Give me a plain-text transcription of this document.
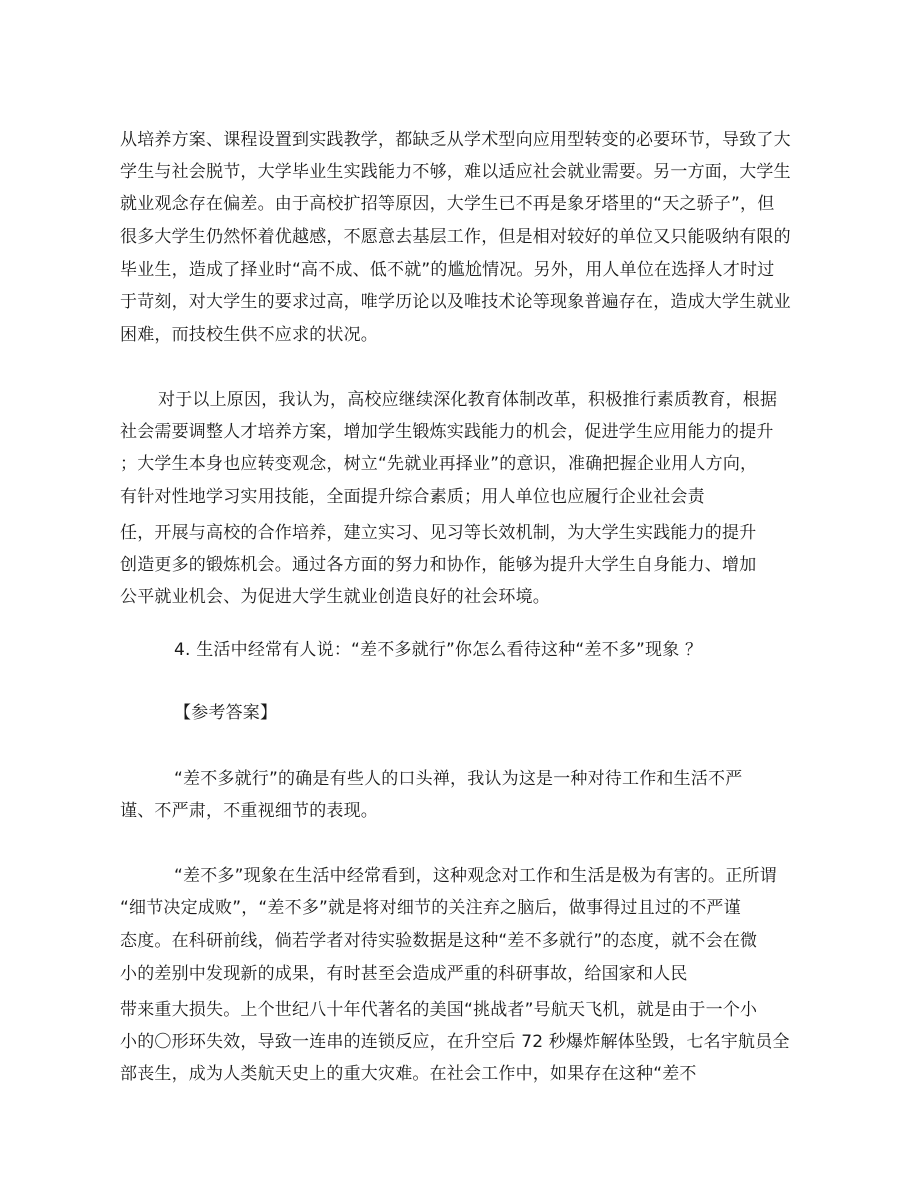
从培养方案、课程设置到实践教学，都缺乏从学术型向应用型转变的必要环节，导致了大

学生与社会脱节，大学毕业生实践能力不够，难以适应社会就业需要。另一方面，大学生

就业观念存在偏差。由于高校扩招等原因，大学生已不再是象牙塔里的“天之骄子”，但

很多大学生仍然怀着优越感，不愿意去基层工作，但是相对较好的单位又只能吸纳有限的

毕业生，造成了择业时“高不成、低不就”的尴尬情况。另外，用人单位在选择人才时过

于苛刻，对大学生的要求过高，唯学历论以及唯技术论等现象普遍存在，造成大学生就业

困难，而技校生供不应求的状况。

对于以上原因，我认为，高校应继续深化教育体制改革，积极推行素质教育，根据

社会需要调整人才培养方案，增加学生锻炼实践能力的机会，促进学生应用能力的提升

；大学生本身也应转变观念，树立“先就业再择业”的意识，准确把握企业用人方向，

有针对性地学习实用技能，全面提升综合素质；用人单位也应履行企业社会责

任，开展与高校的合作培养，建立实习、见习等长效机制，为大学生实践能力的提升

创造更多的锻炼机会。通过各方面的努力和协作，能够为提升大学生自身能力、增加

公平就业机会、为促进大学生就业创造良好的社会环境。

4. 生活中经常有人说：“差不多就行”你怎么看待这种“差不多”现象 ？

【参考答案】

“差不多就行”的确是有些人的口头禅，我认为这是一种对待工作和生活不严

谨、不严肃，不重视细节的表现。

“差不多”现象在生活中经常看到，这种观念对工作和生活是极为有害的。正所谓

“细节决定成败”，“差不多”就是将对细节的关注弃之脑后，做事得过且过的不严谨

态度。在科研前线，倘若学者对待实验数据是这种“差不多就行”的态度，就不会在微

小的差别中发现新的成果，有时甚至会造成严重的科研事故，给国家和人民

带来重大损失。上个世纪八十年代著名的美国“挑战者”号航天飞机，就是由于一个小

小的〇形环失效，导致一连串的连锁反应，在升空后 72 秒爆炸解体坠毁，七名宇航员全

部丧生，成为人类航天史上的重大灾难。在社会工作中，如果存在这种“差不
